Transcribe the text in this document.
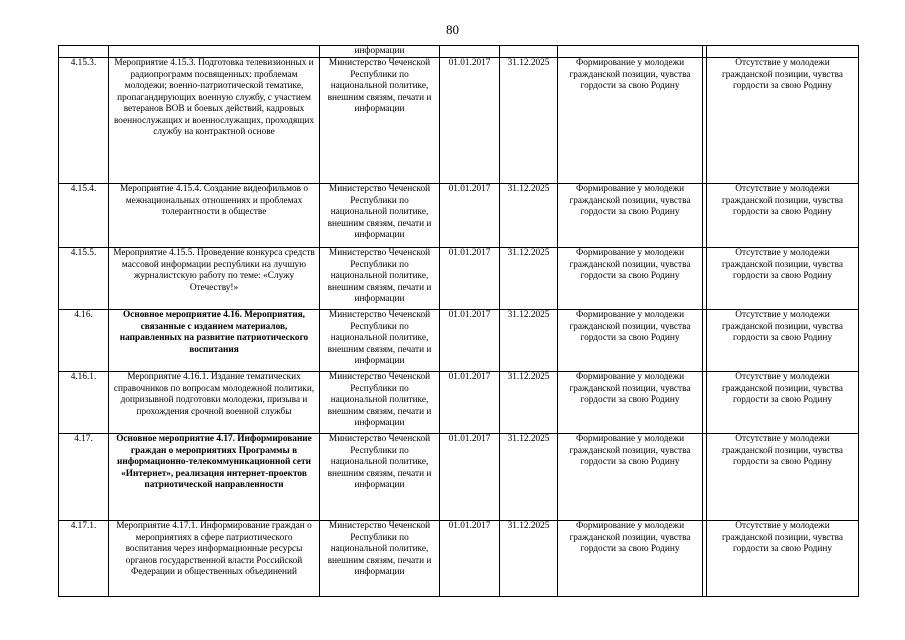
80
		информации					
4.15.3.	Мероприятие 4.15.3. Подготовка телевизионных и радиопрограмм посвященных: проблемам молодежи; военно-патриотической тематике, пропагандирующих военную службу, с участием ветеранов ВОВ и боевых действий, кадровых военнослужащих и военнослужащих, проходящих службу на контрактной основе	Министерство Чеченской Республики по национальной политике, внешним связям, печати и информации	01.01.2017	31.12.2025	Формирование у молодежи гражданской позиции, чувства гордости за свою Родину		Отсутствие у молодежи гражданской позиции, чувства гордости за свою Родину
4.15.4.	Мероприятие 4.15.4. Создание видеофильмов о межнациональных отношениях и проблемах толерантности в обществе	Министерство Чеченской Республики по национальной политике, внешним связям, печати и информации	01.01.2017	31.12.2025	Формирование у молодежи гражданской позиции, чувства гордости за свою Родину		Отсутствие у молодежи гражданской позиции, чувства гордости за свою Родину
4.15.5.	Мероприятие 4.15.5. Проведение конкурса средств массовой информации республики на лучшую журналистскую работу по теме: «Служу Отечеству!»	Министерство Чеченской Республики по национальной политике, внешним связям, печати и информации	01.01.2017	31.12.2025	Формирование у молодежи гражданской позиции, чувства гордости за свою Родину		Отсутствие у молодежи гражданской позиции, чувства гордости за свою Родину
4.16.	Основное мероприятие 4.16. Мероприятия, связанные с изданием материалов, направленных на развитие патриотического воспитания	Министерство Чеченской Республики по национальной политике, внешним связям, печати и информации	01.01.2017	31.12.2025	Формирование у молодежи гражданской позиции, чувства гордости за свою Родину		Отсутствие у молодежи гражданской позиции, чувства гордости за свою Родину
4.16.1.	Мероприятие 4.16.1. Издание тематических справочников по вопросам молодежной политики, допризывной подготовки молодежи, призыва и прохождения срочной военной службы	Министерство Чеченской Республики по национальной политике, внешним связям, печати и информации	01.01.2017	31.12.2025	Формирование у молодежи гражданской позиции, чувства гордости за свою Родину		Отсутствие у молодежи гражданской позиции, чувства гордости за свою Родину
4.17.	Основное мероприятие 4.17. Информирование граждан о мероприятиях Программы в информационно-телекоммуникационной сети «Интернет», реализация интернет-проектов патриотической направленности	Министерство Чеченской Республики по национальной политике, внешним связям, печати и информации	01.01.2017	31.12.2025	Формирование у молодежи гражданской позиции, чувства гордости за свою Родину		Отсутствие у молодежи гражданской позиции, чувства гордости за свою Родину
4.17.1.	Мероприятие 4.17.1. Информирование граждан о мероприятиях в сфере патриотического воспитания через информационные ресурсы органов государственной власти Российской Федерации и общественных объединений	Министерство Чеченской Республики по национальной политике, внешним связям, печати и информации	01.01.2017	31.12.2025	Формирование у молодежи гражданской позиции, чувства гордости за свою Родину		Отсутствие у молодежи гражданской позиции, чувства гордости за свою Родину
